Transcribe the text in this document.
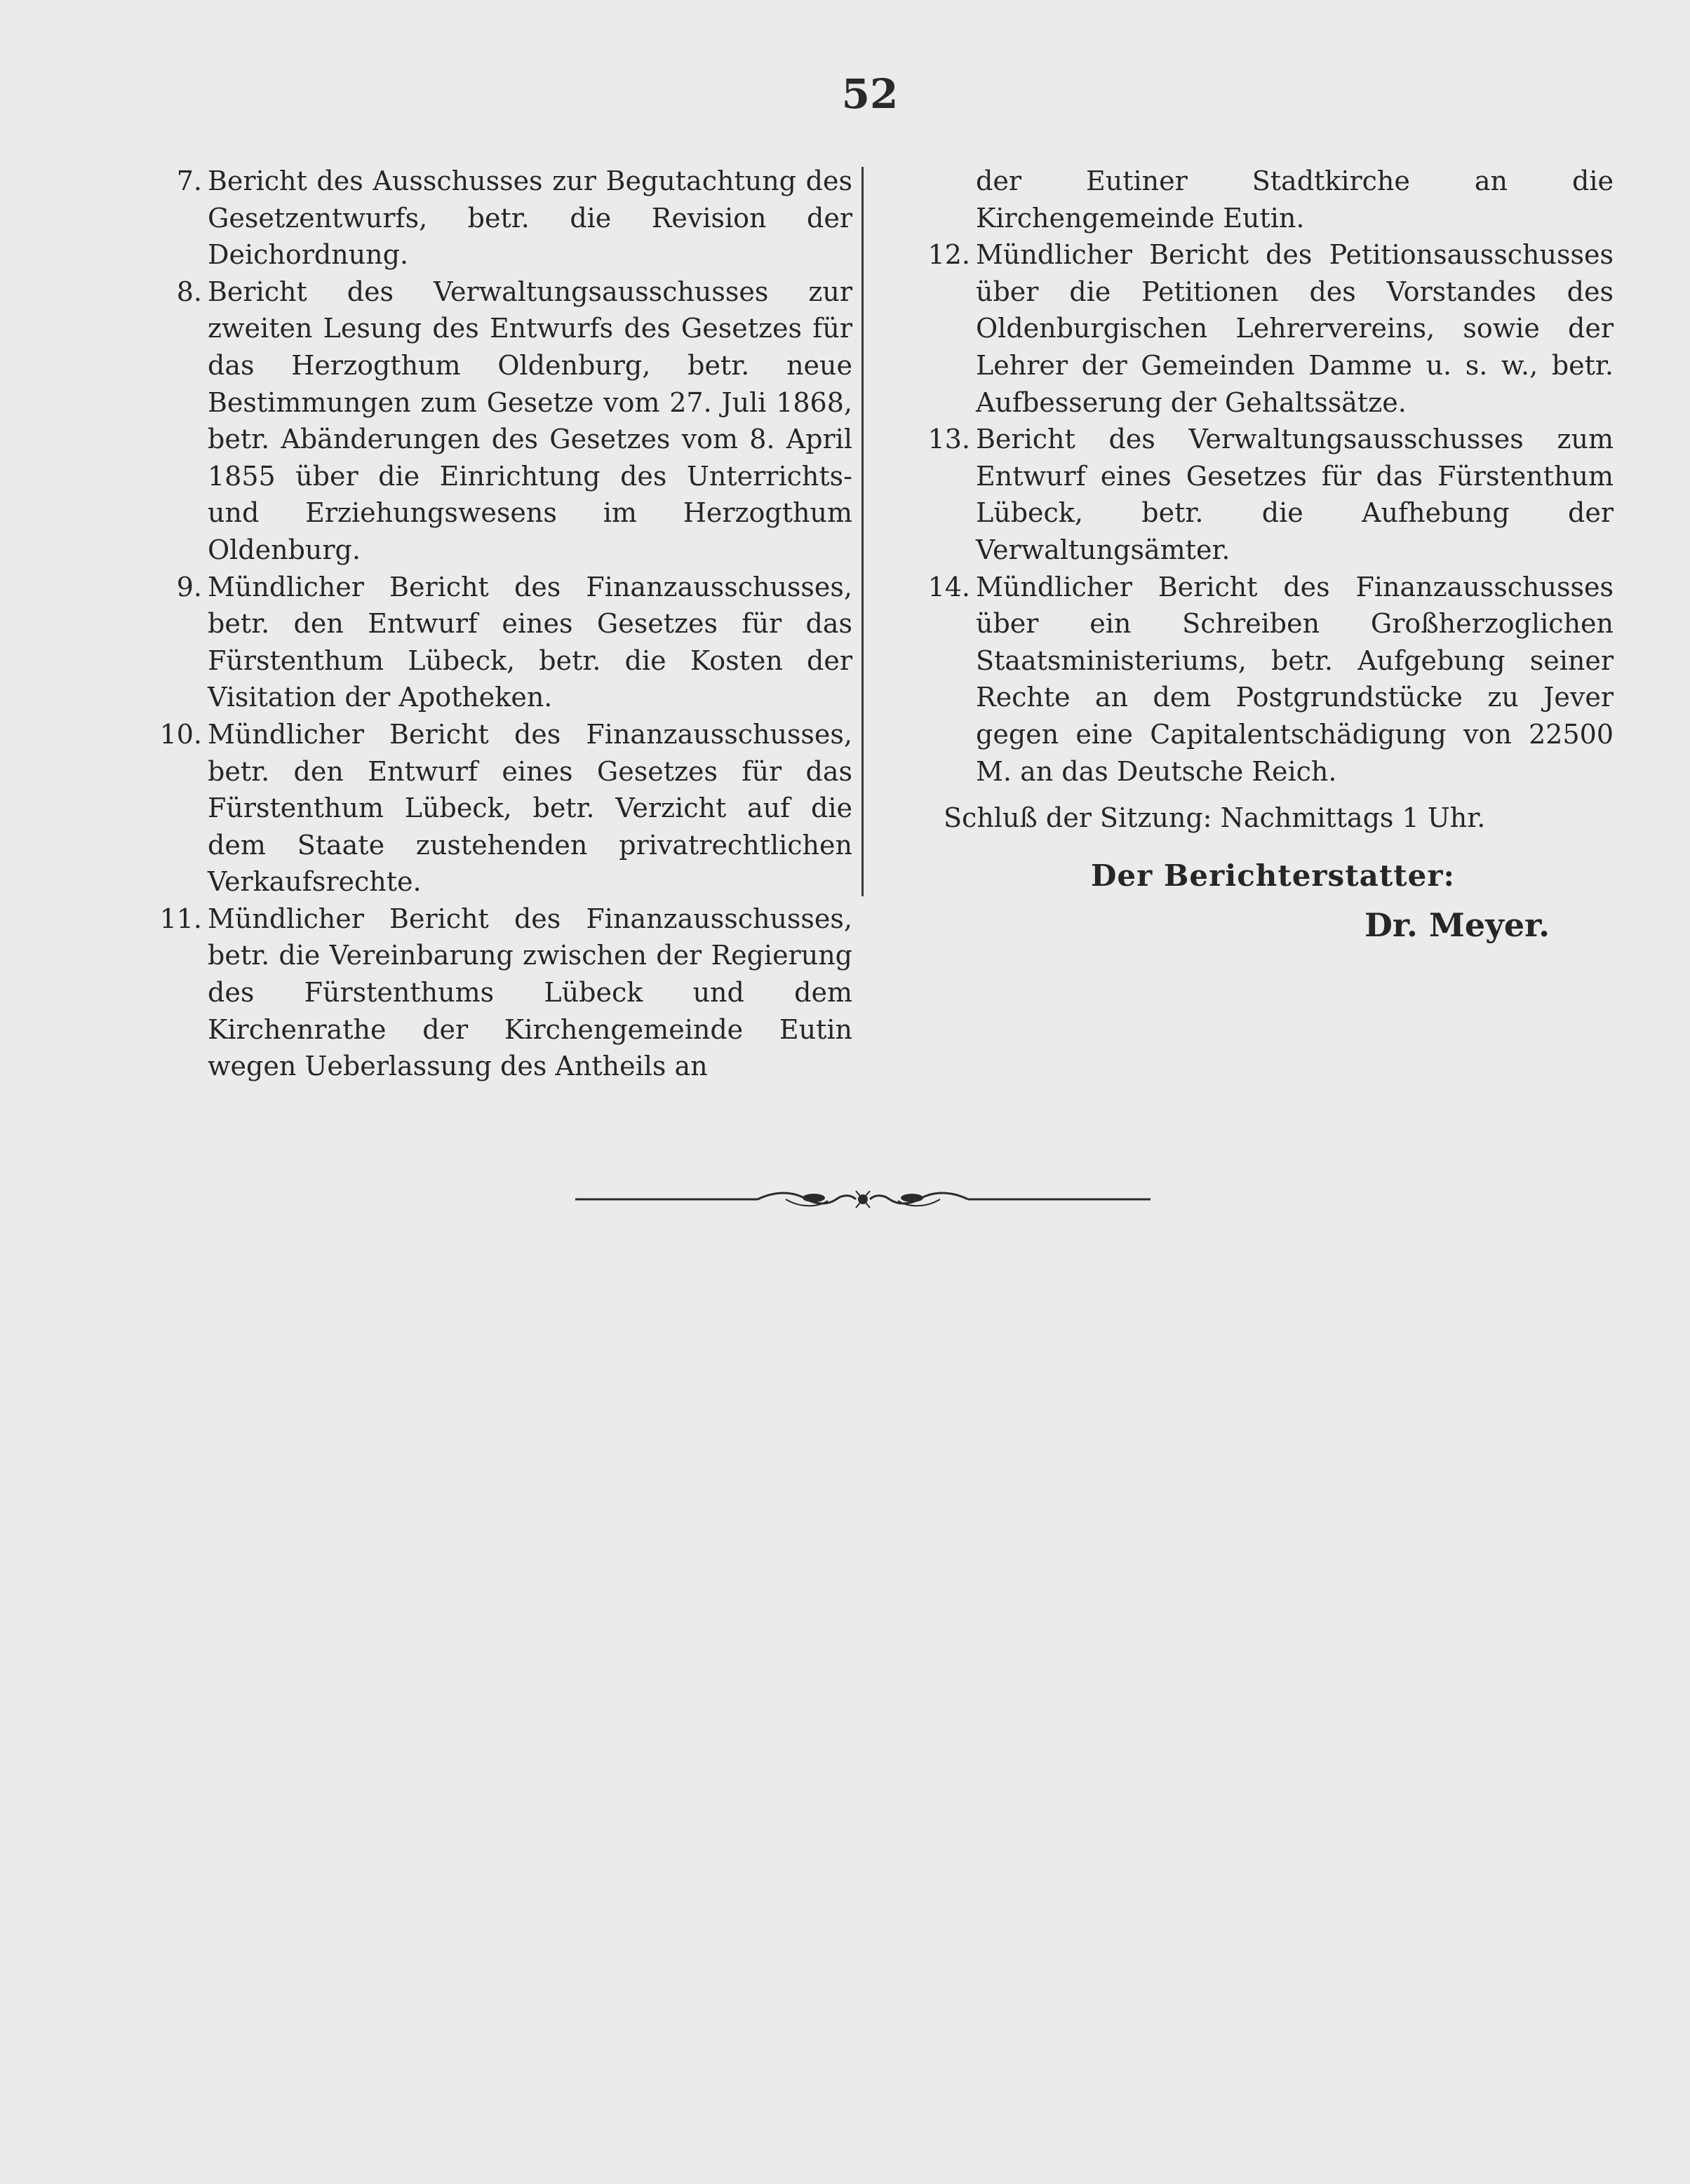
52

7. Bericht des Ausschusses zur Begutachtung des Gesetzentwurfs, betr. die Revision der Deichordnung.

8. Bericht des Verwaltungsausschusses zur zweiten Lesung des Entwurfs des Gesetzes für das Herzogthum Oldenburg, betr. neue Bestimmungen zum Gesetze vom 27. Juli 1868, betr. Abänderungen des Gesetzes vom 8. April 1855 über die Einrichtung des Unterrichts- und Erziehungswesens im Herzogthum Oldenburg.

9. Mündlicher Bericht des Finanzausschusses, betr. den Entwurf eines Gesetzes für das Fürstenthum Lübeck, betr. die Kosten der Visitation der Apotheken.

10. Mündlicher Bericht des Finanzausschusses, betr. den Entwurf eines Gesetzes für das Fürstenthum Lübeck, betr. Verzicht auf die dem Staate zustehenden privatrechtlichen Verkaufsrechte.

11. Mündlicher Bericht des Finanzausschusses, betr. die Vereinbarung zwischen der Regierung des Fürstenthums Lübeck und dem Kirchenrathe der Kirchengemeinde Eutin wegen Ueberlassung des Antheils an

der Eutiner Stadtkirche an die Kirchengemeinde Eutin.

12. Mündlicher Bericht des Petitionsausschusses über die Petitionen des Vorstandes des Oldenburgischen Lehrervereins, sowie der Lehrer der Gemeinden Damme u. s. w., betr. Aufbesserung der Gehaltssätze.

13. Bericht des Verwaltungsausschusses zum Entwurf eines Gesetzes für das Fürstenthum Lübeck, betr. die Aufhebung der Verwaltungsämter.

14. Mündlicher Bericht des Finanzausschusses über ein Schreiben Großherzoglichen Staatsministeriums, betr. Aufgebung seiner Rechte an dem Postgrundstücke zu Jever gegen eine Capitalentschädigung von 22500 M. an das Deutsche Reich.

Schluß der Sitzung: Nachmittags 1 Uhr.

Der Berichterstatter:
Dr. Meyer.
